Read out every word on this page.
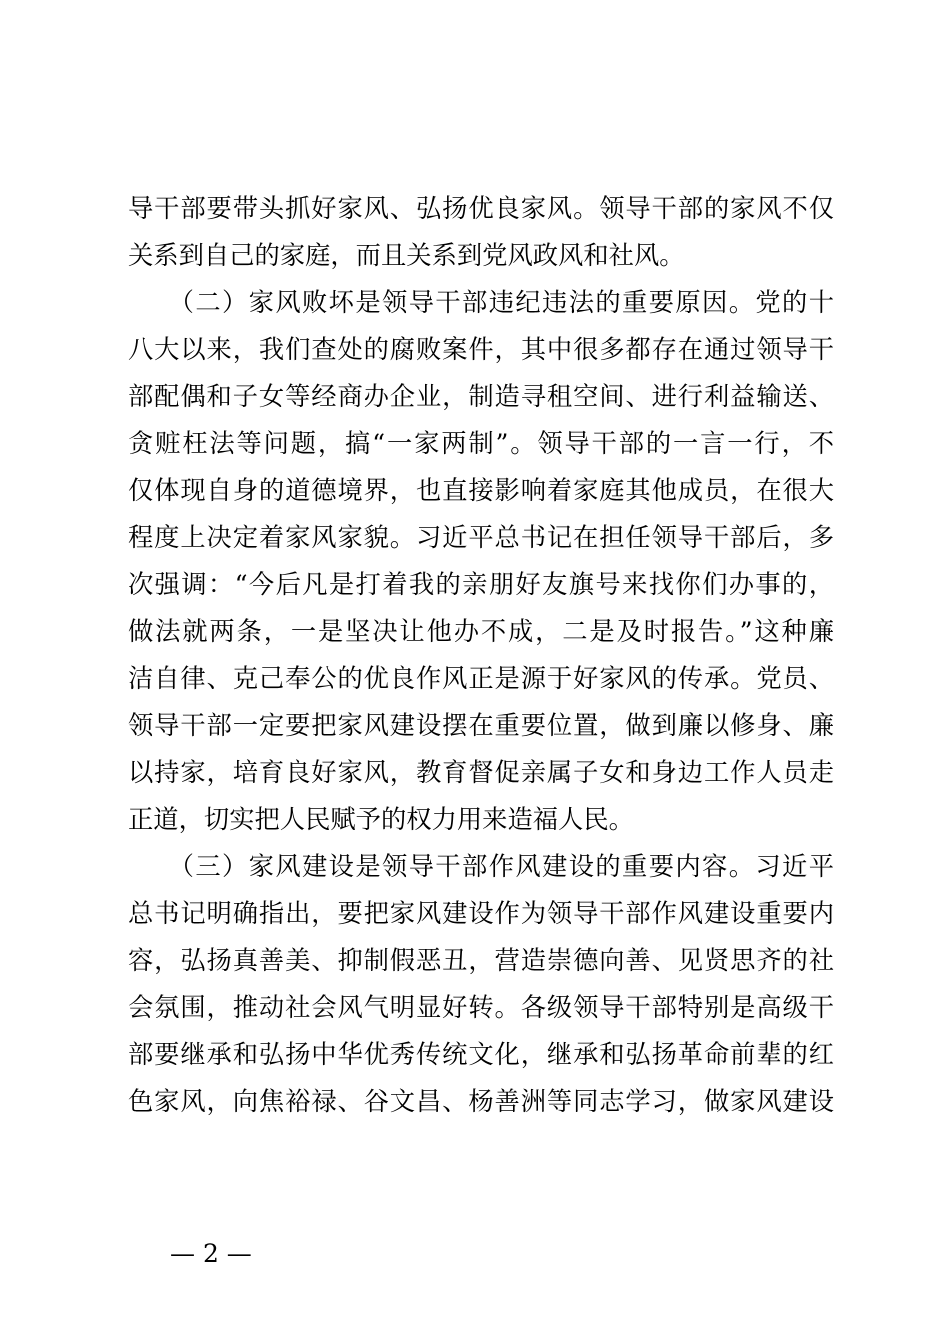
导干部要带头抓好家风、弘扬优良家风。领导干部的家风不仅
关系到自己的家庭，而且关系到党风政风和社风。
　　（二）家风败坏是领导干部违纪违法的重要原因。党的十
八大以来，我们查处的腐败案件，其中很多都存在通过领导干
部配偶和子女等经商办企业，制造寻租空间、进行利益输送、
贪赃枉法等问题，搞“一家两制”。领导干部的一言一行，不
仅体现自身的道德境界，也直接影响着家庭其他成员，在很大
程度上决定着家风家貌。习近平总书记在担任领导干部后，多
次强调：“今后凡是打着我的亲朋好友旗号来找你们办事的，
做法就两条，一是坚决让他办不成，二是及时报告。”这种廉
洁自律、克己奉公的优良作风正是源于好家风的传承。党员、
领导干部一定要把家风建设摆在重要位置，做到廉以修身、廉
以持家，培育良好家风，教育督促亲属子女和身边工作人员走
正道，切实把人民赋予的权力用来造福人民。
　　（三）家风建设是领导干部作风建设的重要内容。习近平
总书记明确指出，要把家风建设作为领导干部作风建设重要内
容，弘扬真善美、抑制假恶丑，营造崇德向善、见贤思齐的社
会氛围，推动社会风气明显好转。各级领导干部特别是高级干
部要继承和弘扬中华优秀传统文化，继承和弘扬革命前辈的红
色家风，向焦裕禄、谷文昌、杨善洲等同志学习，做家风建设
— 2 —
